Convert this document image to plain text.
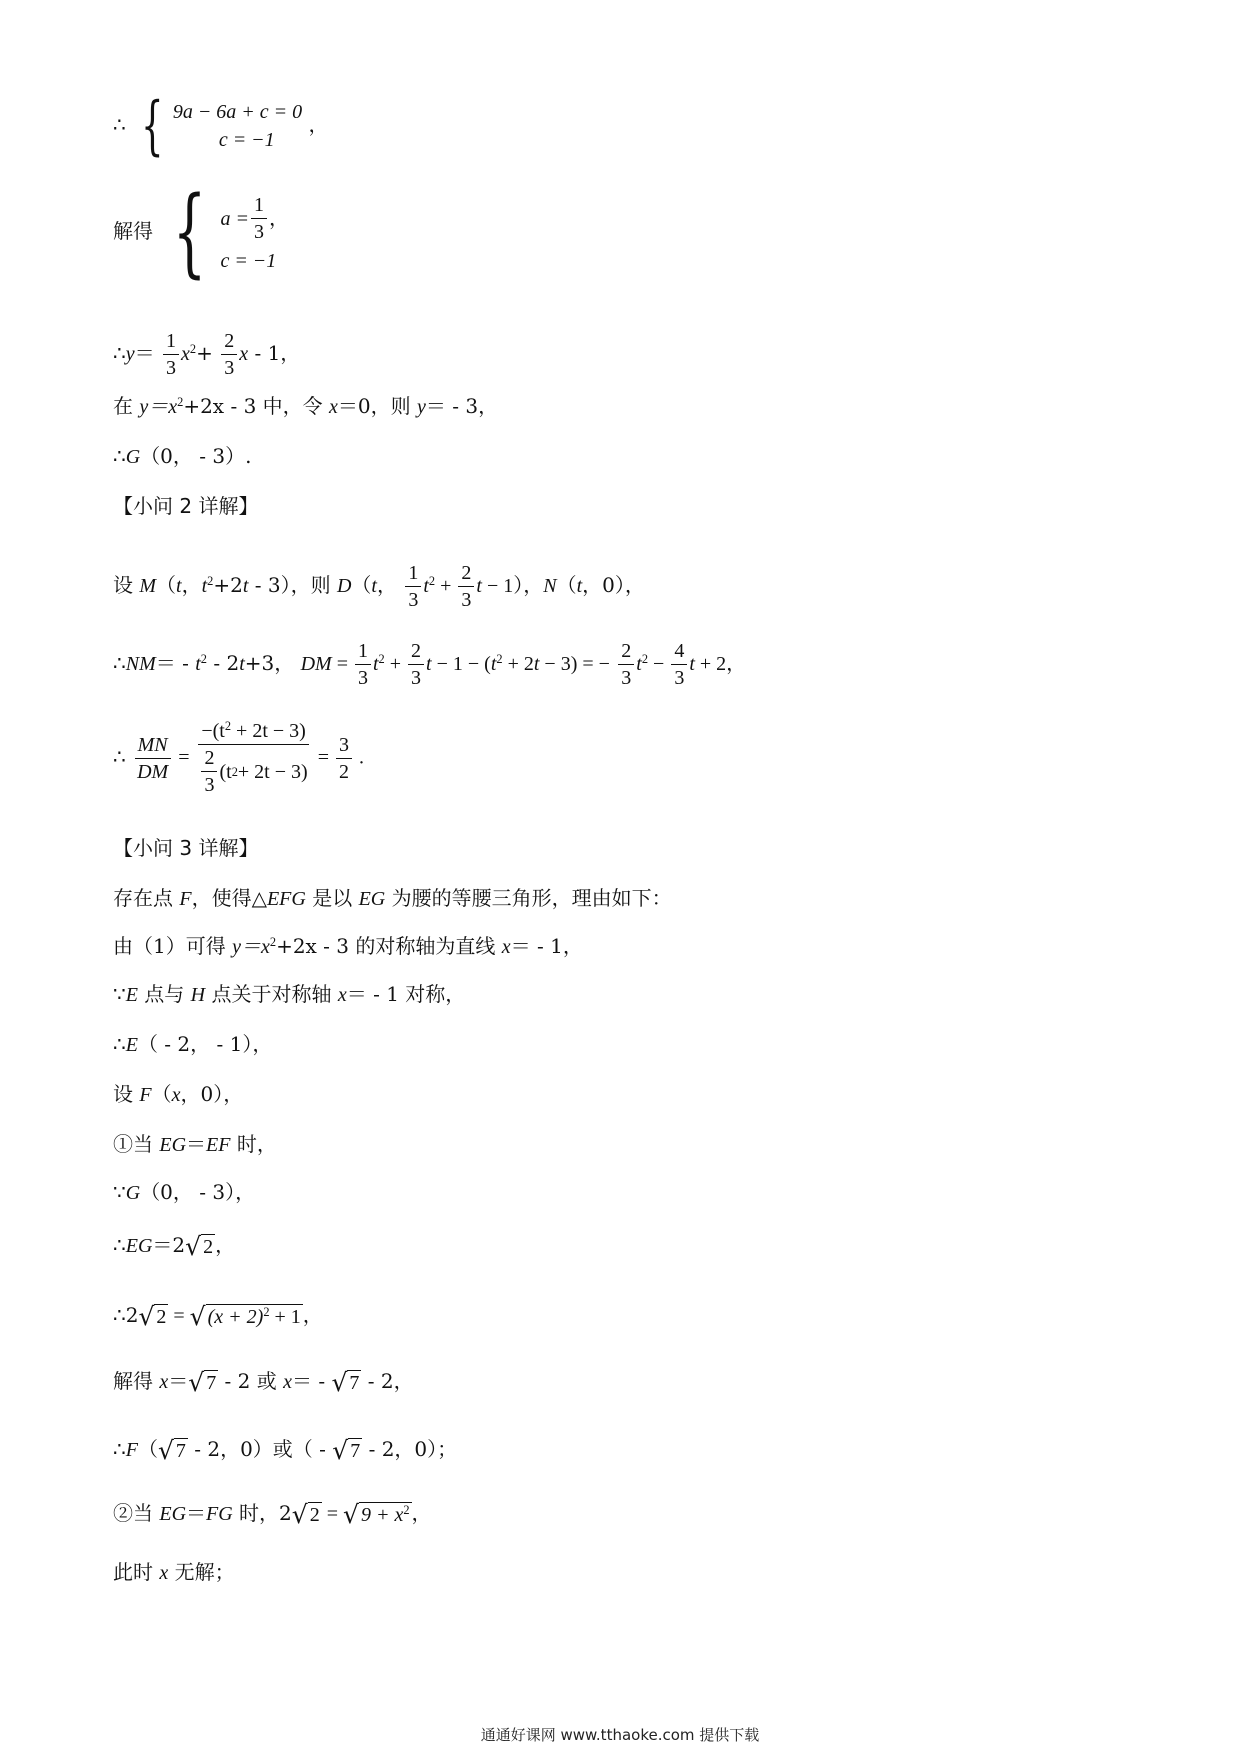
∴ { 9a − 6a + c = 0
c = −1
，
解得 { $a = \frac{1}{3}$ ，
c = −1
∴y＝ $\frac{1}{3} x^2+ \frac{2}{3}$ x - 1，
在 $y=x^2+2x - 3$ 中，令 x＝0，则 y＝ - 3，
∴G（0， - 3）.
【小问 2 详解】
设 M（t，$t^2+2t - 3$），则 D（t， $\frac{1}{3} t^2 + \frac{2}{3}$ t − 1），N（t，0），
∴NM＝ - $t^2 - 2t+3$， DM = $\frac{1}{3} t^2 + \frac{2}{3}$ $t - 1 - (t^2 + 2t - 3)$ = − $\frac{2}{3} t^2 - \frac{4}{3}$ t + 2，
∴ $\frac{MN}{DM} = \frac{-(t^2 + 2t - 3)}{\frac{2}{3} (t 2 + 2t - 3)} = \frac{3}{2}$ .
【小问 3 详解】
存在点 F，使得△EFG 是以 EG 为腰的等腰三角形，理由如下：
由（1）可得 $y=x^2+2x - 3$ 的对称轴为直线 x＝ - 1，
∵E 点与 H 点关于对称轴 x＝ - 1 对称，
∴E（ - 2， - 1），
设 F（x，0），
①当 EG＝EF 时，
∵G（0， - 3），
∴EG＝2 √ 2 ，
∴2 √ 2 = √ $(x + 2)^2 + 1$ ，
解得 x＝ √ 7 - 2 或 x＝ - √ 7 - 2，
∴F（ √ 7 - 2，0）或（ - √ 7 - 2，0）；
②当 EG＝FG 时，2 √ 2 = √ $9 + x^2$ ，
此时 x 无解；
通通好课网 www.tthaoke.com 提供下载
